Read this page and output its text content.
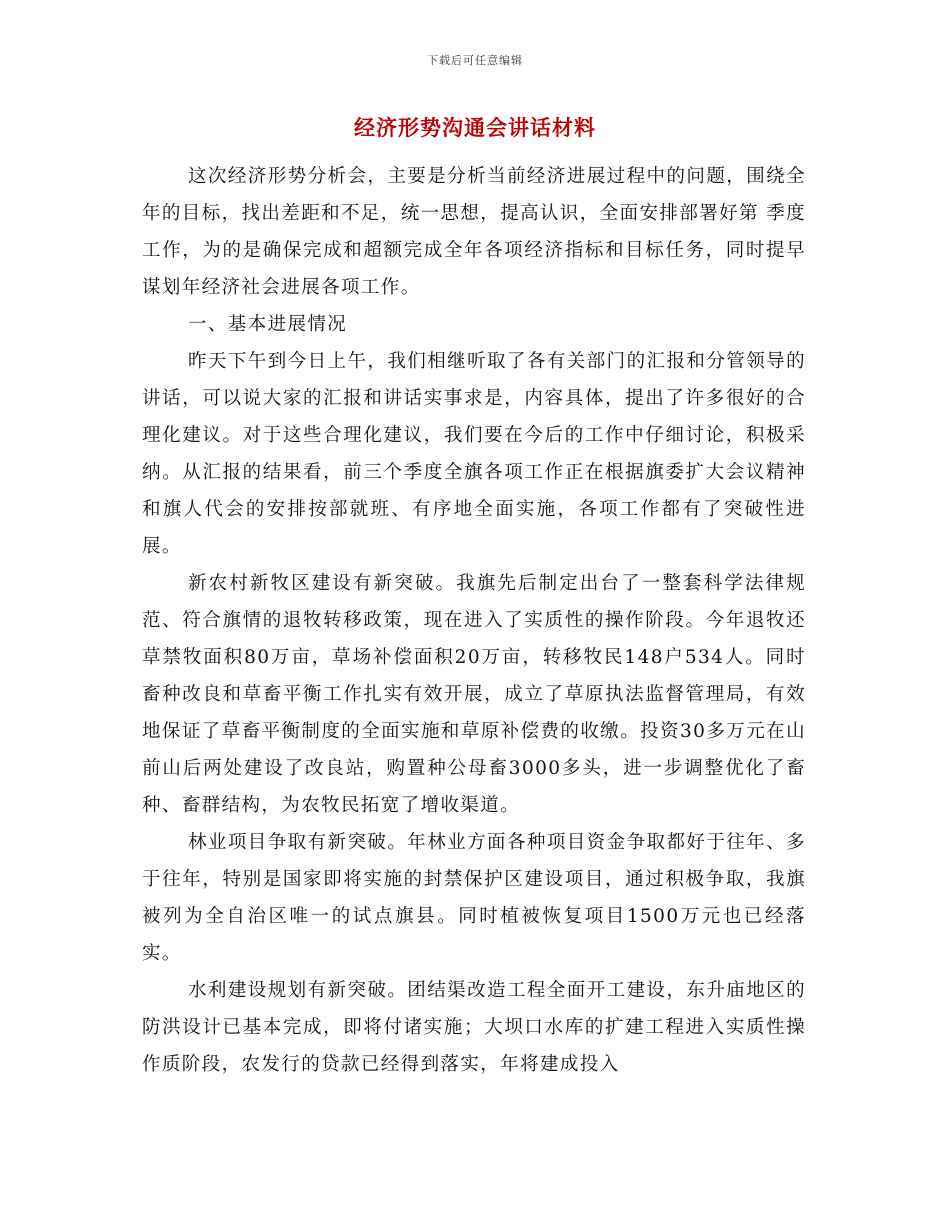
下载后可任意编辑
经济形势沟通会讲话材料

这次经济形势分析会，主要是分析当前经济进展过程中的问题，围绕全年的目标，找出差距和不足，统一思想，提高认识，全面安排部署好第 季度工作，为的是确保完成和超额完成全年各项经济指标和目标任务，同时提早谋划年经济社会进展各项工作。

一、基本进展情况

昨天下午到今日上午，我们相继听取了各有关部门的汇报和分管领导的讲话，可以说大家的汇报和讲话实事求是，内容具体，提出了许多很好的合理化建议。对于这些合理化建议，我们要在今后的工作中仔细讨论，积极采纳。从汇报的结果看，前三个季度全旗各项工作正在根据旗委扩大会议精神和旗人代会的安排按部就班、有序地全面实施，各项工作都有了突破性进展。

新农村新牧区建设有新突破。我旗先后制定出台了一整套科学法律规范、符合旗情的退牧转移政策，现在进入了实质性的操作阶段。今年退牧还草禁牧面积80万亩，草场补偿面积20万亩，转移牧民148户534人。同时畜种改良和草畜平衡工作扎实有效开展，成立了草原执法监督管理局，有效地保证了草畜平衡制度的全面实施和草原补偿费的收缴。投资30多万元在山前山后两处建设了改良站，购置种公母畜3000多头，进一步调整优化了畜种、畜群结构，为农牧民拓宽了增收渠道。

林业项目争取有新突破。年林业方面各种项目资金争取都好于往年、多于往年，特别是国家即将实施的封禁保护区建设项目，通过积极争取，我旗被列为全自治区唯一的试点旗县。同时植被恢复项目1500万元也已经落实。

水利建设规划有新突破。团结渠改造工程全面开工建设，东升庙地区的防洪设计已基本完成，即将付诸实施；大坝口水库的扩建工程进入实质性操作质阶段，农发行的贷款已经得到落实，年将建成投入
